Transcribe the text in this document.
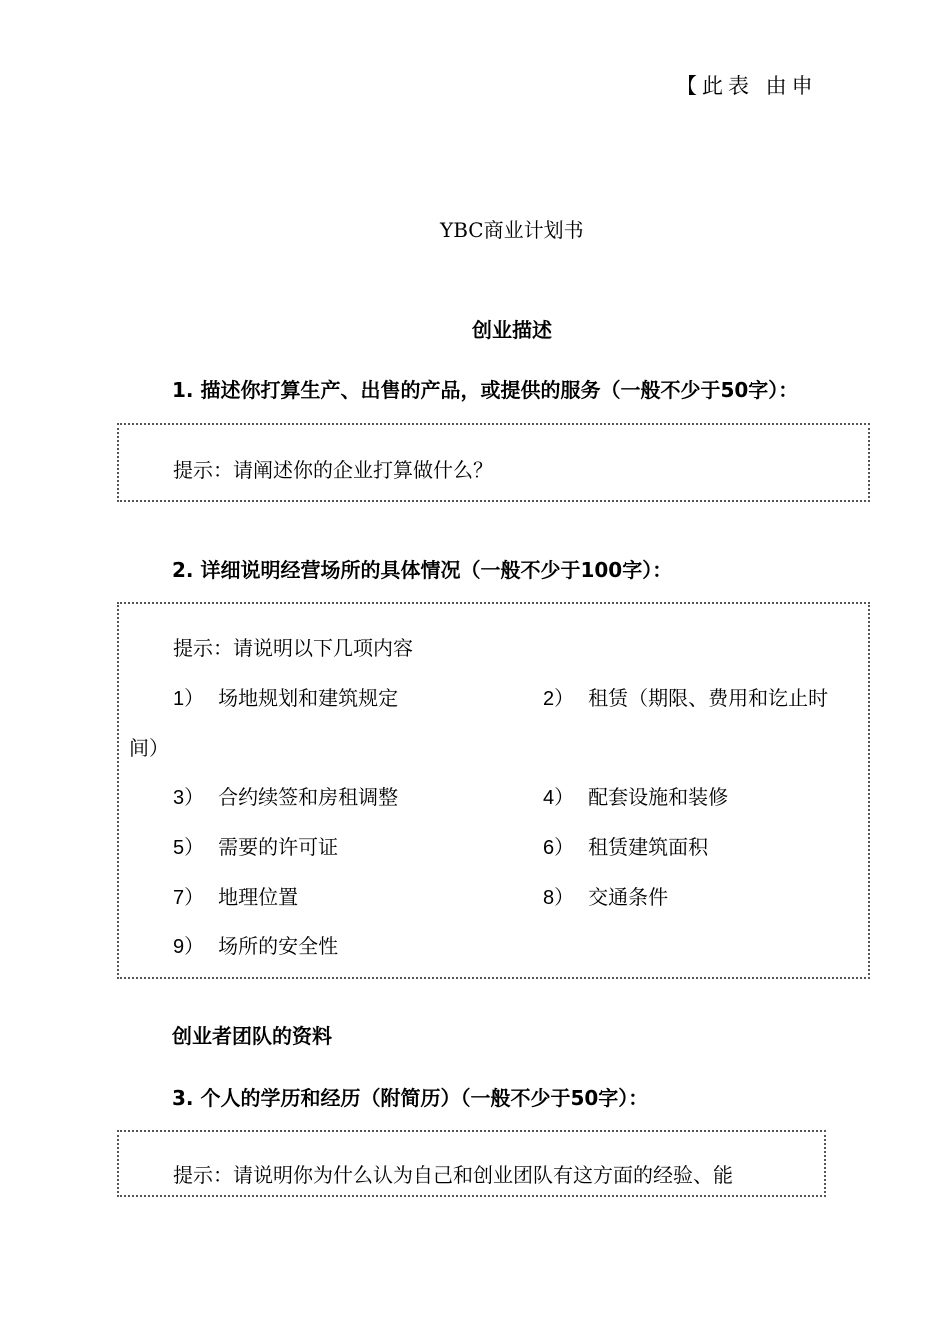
【此表 由申
YBC商业计划书
创业描述
1. 描述你打算生产、出售的产品，或提供的服务（一般不少于50字）：
提示：请阐述你的企业打算做什么？
2. 详细说明经营场所的具体情况（一般不少于100字）：
提示：请说明以下几项内容
1） 场地规划和建筑规定	2） 租赁（期限、费用和讫止时
间）
3） 合约续签和房租调整	4） 配套设施和装修
5） 需要的许可证	6） 租赁建筑面积
7） 地理位置	8） 交通条件
9） 场所的安全性
创业者团队的资料
3. 个人的学历和经历（附简历）（一般不少于50字）：
提示：请说明你为什么认为自己和创业团队有这方面的经验、能
